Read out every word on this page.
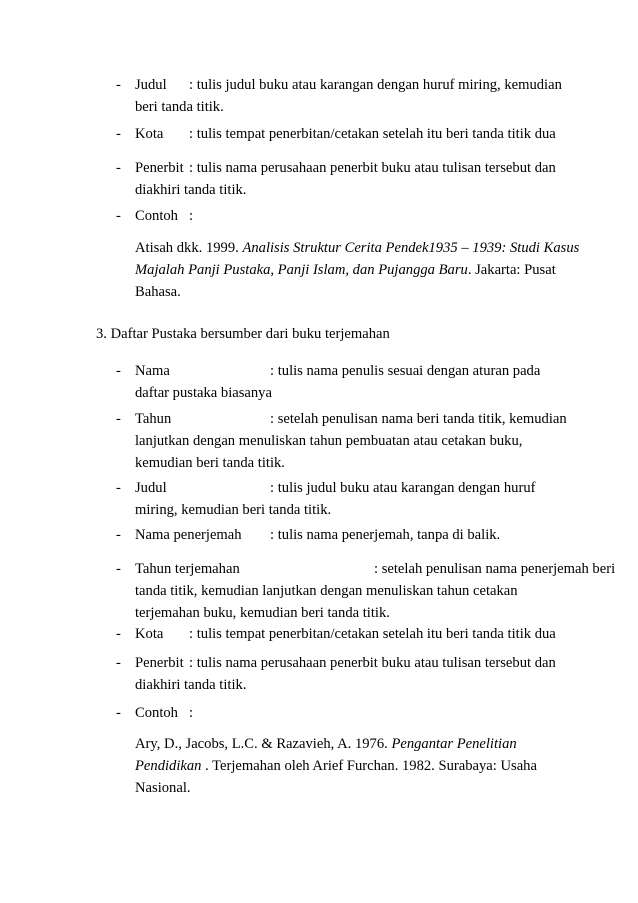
- Judul : tulis judul buku atau karangan dengan huruf miring, kemudian
beri tanda titik.
- Kota : tulis tempat penerbitan/cetakan setelah itu beri tanda titik dua
- Penerbit : tulis nama perusahaan penerbit buku atau tulisan tersebut dan
diakhiri tanda titik.
- Contoh :
Atisah dkk. 1999. Analisis Struktur Cerita Pendek1935 – 1939: Studi Kasus
Majalah Panji Pustaka, Panji Islam, dan Pujangga Baru. Jakarta: Pusat
Bahasa.
3. Daftar Pustaka bersumber dari buku terjemahan
- Nama	: tulis nama penulis sesuai dengan aturan pada
daftar pustaka biasanya
- Tahun	: setelah penulisan nama beri tanda titik, kemudian
lanjutkan dengan menuliskan tahun pembuatan atau cetakan buku,
kemudian beri tanda titik.
- Judul	: tulis judul buku atau karangan dengan huruf
miring, kemudian beri tanda titik.
- Nama penerjemah : tulis nama penerjemah, tanpa di balik.
- Tahun terjemahan	: setelah penulisan nama penerjemah beri
tanda titik, kemudian lanjutkan dengan menuliskan tahun cetakan
terjemahan buku, kemudian beri tanda titik.
- Kota : tulis tempat penerbitan/cetakan setelah itu beri tanda titik dua
- Penerbit : tulis nama perusahaan penerbit buku atau tulisan tersebut dan
diakhiri tanda titik.
- Contoh :
Ary, D., Jacobs, L.C. & Razavieh, A. 1976. Pengantar Penelitian
Pendidikan . Terjemahan oleh Arief Furchan. 1982. Surabaya: Usaha
Nasional.
